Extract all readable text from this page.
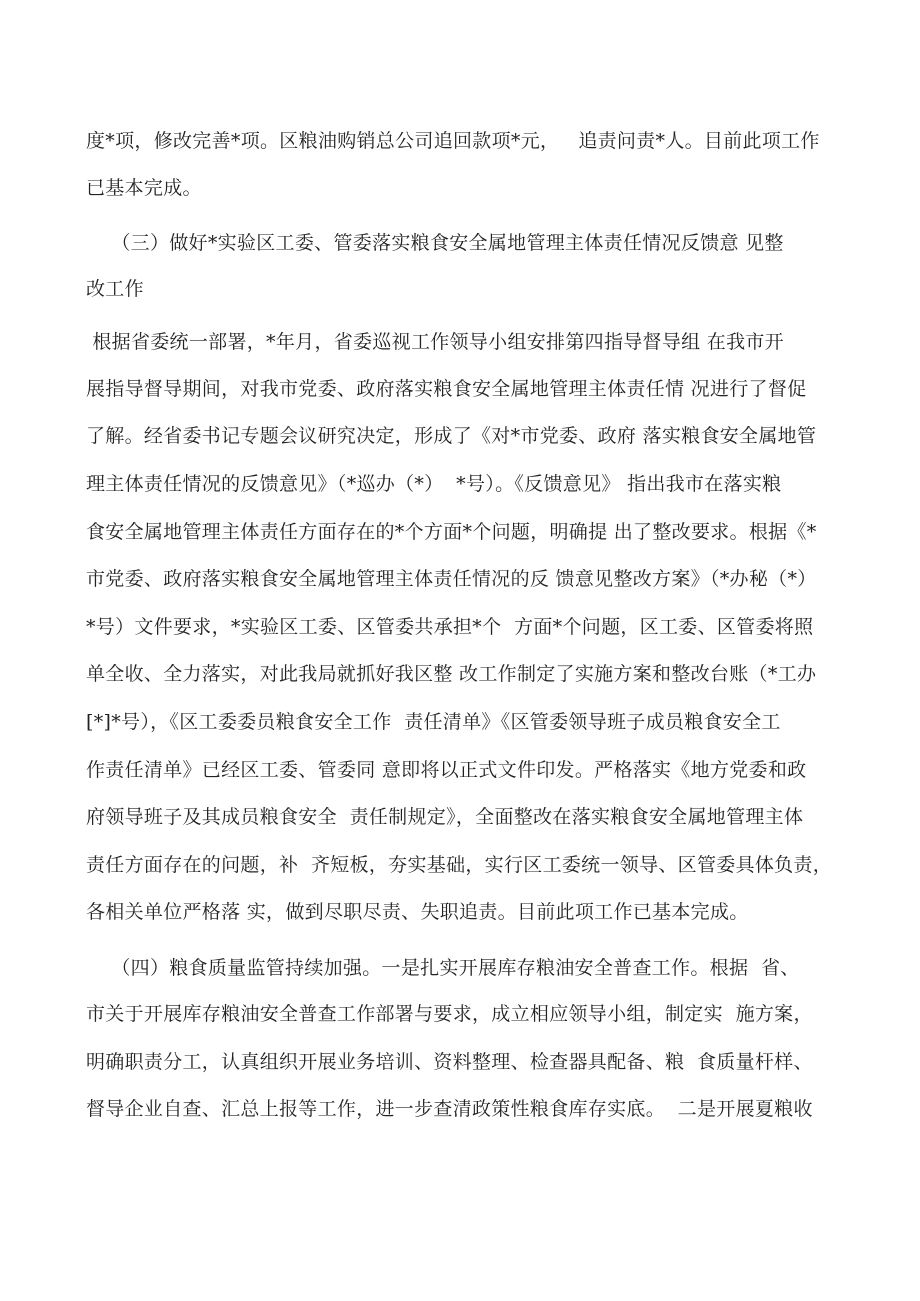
度*项，修改完善*项。区粮油购销总公司追回款项*元，   追责问责*人。目前此项工作
已基本完成。
（三）做好*实验区工委、管委落实粮食安全属地管理主体责任情况反馈意 见整
改工作
根据省委统一部署，*年月，省委巡视工作领导小组安排第四指导督导组 在我市开
展指导督导期间，对我市党委、政府落实粮食安全属地管理主体责任情 况进行了督促
了解。经省委书记专题会议研究决定，形成了《对*市党委、政府 落实粮食安全属地管
理主体责任情况的反馈意见》（*巡办（*）  *号）。《反馈意见》 指出我市在落实粮
食安全属地管理主体责任方面存在的*个方面*个问题，明确提 出了整改要求。根据《*
市党委、政府落实粮食安全属地管理主体责任情况的反 馈意见整改方案》（*办秘（*）
*号）文件要求，*实验区工委、区管委共承担*个  方面*个问题，区工委、区管委将照
单全收、全力落实，对此我局就抓好我区整 改工作制定了实施方案和整改台账（*工办
[*]*号），《区工委委员粮食安全工作  责任清单》《区管委领导班子成员粮食安全工
作责任清单》已经区工委、管委同 意即将以正式文件印发。严格落实《地方党委和政
府领导班子及其成员粮食安全  责任制规定》，全面整改在落实粮食安全属地管理主体
责任方面存在的问题，补  齐短板，夯实基础，实行区工委统一领导、区管委具体负责，
各相关单位严格落 实，做到尽职尽责、失职追责。目前此项工作已基本完成。
（四）粮食质量监管持续加强。一是扎实开展库存粮油安全普查工作。根据  省、
市关于开展库存粮油安全普查工作部署与要求，成立相应领导小组，制定实  施方案，
明确职责分工，认真组织开展业务培训、资料整理、检查器具配备、粮  食质量杆样、
督导企业自查、汇总上报等工作，进一步查清政策性粮食库存实底。  二是开展夏粮收
